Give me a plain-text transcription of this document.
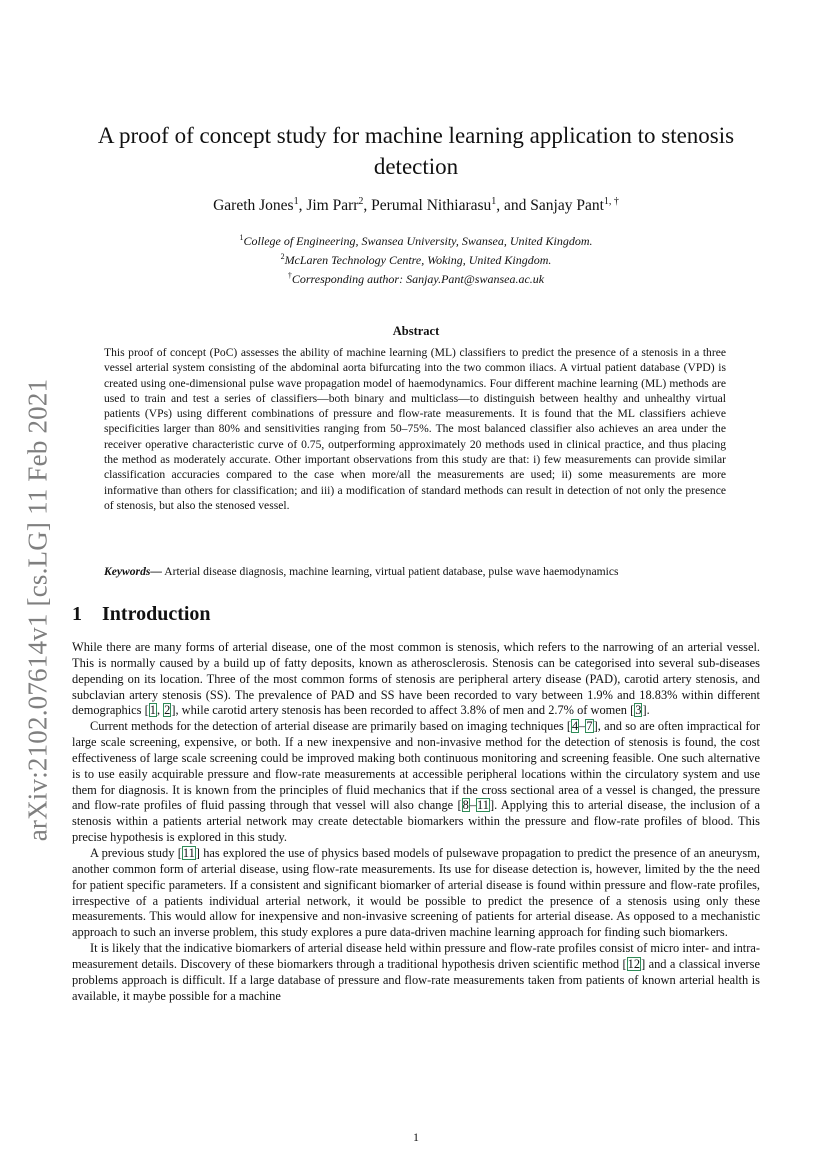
arXiv:2102.07614v1 [cs.LG] 11 Feb 2021
A proof of concept study for machine learning application to stenosis detection
Gareth Jones$^1$, Jim Parr$^2$, Perumal Nithiarasu$^1$, and Sanjay Pant$^{1, \dagger}$
$^1$College of Engineering, Swansea University, Swansea, United Kingdom.
$^2$McLaren Technology Centre, Woking, United Kingdom.
†Corresponding author: Sanjay.Pant@swansea.ac.uk
Abstract
This proof of concept (PoC) assesses the ability of machine learning (ML) classifiers to predict the presence of a stenosis in a three vessel arterial system consisting of the abdominal aorta bifurcating into the two common iliacs. A virtual patient database (VPD) is created using one-dimensional pulse wave propagation model of haemodynamics. Four different machine learning (ML) methods are used to train and test a series of classifiers—both binary and multiclass—to distinguish between healthy and unhealthy virtual patients (VPs) using different combinations of pressure and flow-rate measurements. It is found that the ML classifiers achieve specificities larger than 80% and sensitivities ranging from 50–75%. The most balanced classifier also achieves an area under the receiver operative characteristic curve of 0.75, outperforming approximately 20 methods used in clinical practice, and thus placing the method as moderately accurate. Other important observations from this study are that: i) few measurements can provide similar classification accuracies compared to the case when more/all the measurements are used; ii) some measurements are more informative than others for classification; and iii) a modification of standard methods can result in detection of not only the presence of stenosis, but also the stenosed vessel.
Keywords— Arterial disease diagnosis, machine learning, virtual patient database, pulse wave haemodynamics
1 Introduction

While there are many forms of arterial disease, one of the most common is stenosis, which refers to the narrowing of an arterial vessel. This is normally caused by a build up of fatty deposits, known as atherosclerosis. Stenosis can be categorised into several sub-diseases depending on its location. Three of the most common forms of stenosis are peripheral artery disease (PAD), carotid artery stenosis, and subclavian artery stenosis (SS). The prevalence of PAD and SS have been recorded to vary between 1.9% and 18.83% within different demographics [1, 2], while carotid artery stenosis has been recorded to affect 3.8% of men and 2.7% of women [3].

Current methods for the detection of arterial disease are primarily based on imaging techniques [4–7], and so are often impractical for large scale screening, expensive, or both. If a new inexpensive and non-invasive method for the detection of stenosis is found, the cost effectiveness of large scale screening could be improved making both continuous monitoring and screening feasible. One such alternative is to use easily acquirable pressure and flow-rate measurements at accessible peripheral locations within the circulatory system and use them for diagnosis. It is known from the principles of fluid mechanics that if the cross sectional area of a vessel is changed, the pressure and flow-rate profiles of fluid passing through that vessel will also change [8–11]. Applying this to arterial disease, the inclusion of a stenosis within a patients arterial network may create detectable biomarkers within the pressure and flow-rate profiles of blood. This precise hypothesis is explored in this study.

A previous study [11] has explored the use of physics based models of pulsewave propagation to predict the presence of an aneurysm, another common form of arterial disease, using flow-rate measurements. Its use for disease detection is, however, limited by the the need for patient specific parameters. If a consistent and significant biomarker of arterial disease is found within pressure and flow-rate profiles, irrespective of a patients individual arterial network, it would be possible to predict the presence of a stenosis using only these measurements. This would allow for inexpensive and non-invasive screening of patients for arterial disease. As opposed to a mechanistic approach to such an inverse problem, this study explores a pure data-driven machine learning approach for finding such biomarkers.

It is likely that the indicative biomarkers of arterial disease held within pressure and flow-rate profiles consist of micro inter- and intra-measurement details. Discovery of these biomarkers through a traditional hypothesis driven scientific method [12] and a classical inverse problems approach is difficult. If a large database of pressure and flow-rate measurements taken from patients of known arterial health is available, it maybe possible for a machine

1
